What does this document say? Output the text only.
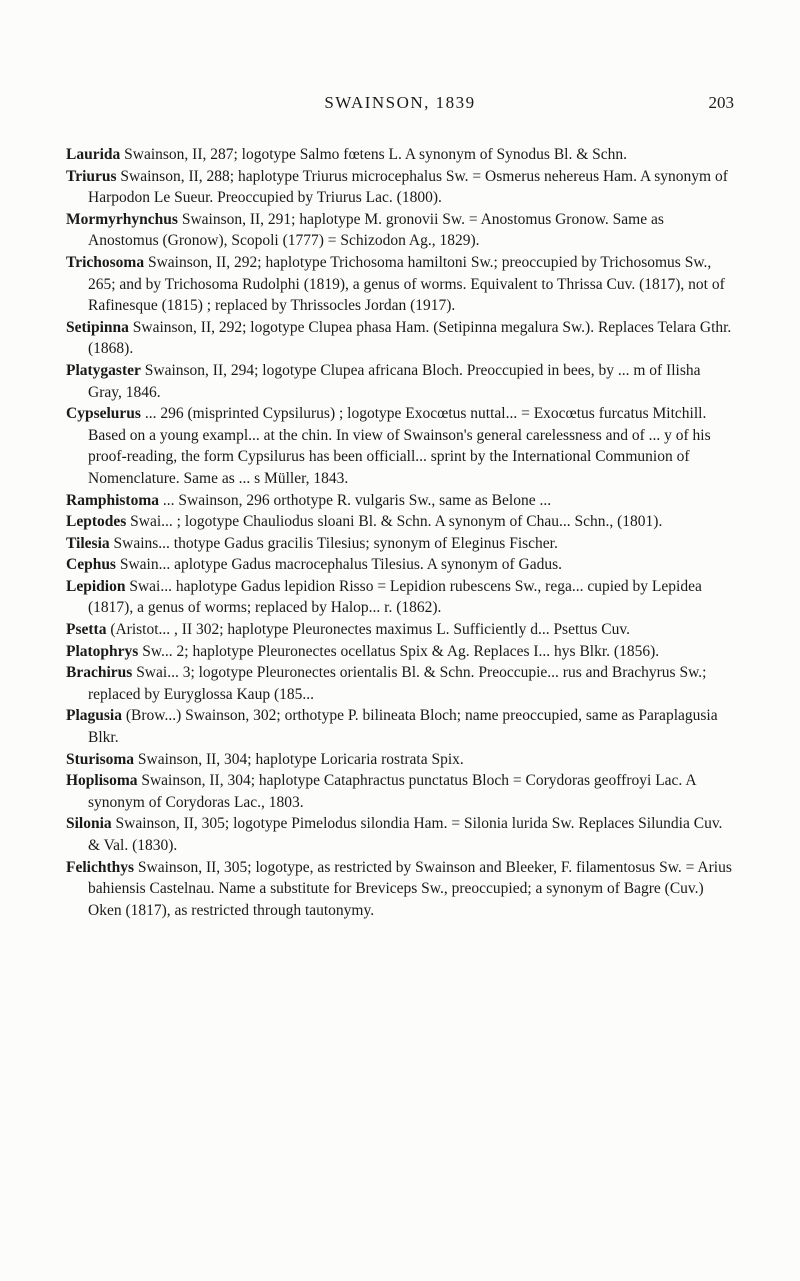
SWAINSON, 1839	203

Laurida Swainson, II, 287; logotype Salmo fœtens L. A synonym of Synodus Bl. & Schn.

Triurus Swainson, II, 288; haplotype Triurus microcephalus Sw. = Osmerus nehereus Ham. A synonym of Harpodon Le Sueur. Preoccupied by Triurus Lac. (1800).

Mormyrhynchus Swainson, II, 291; haplotype M. gronovii Sw. = Anostomus Gronow. Same as Anostomus (Gronow), Scopoli (1777) = Schizodon Ag., 1829).

Trichosoma Swainson, II, 292; haplotype Trichosoma hamiltoni Sw.; preoccupied by Trichosomus Sw., 265; and by Trichosoma Rudolphi (1819), a genus of worms. Equivalent to Thrissa Cuv. (1817), not of Rafinesque (1815) ; replaced by Thrissocles Jordan (1917).

Setipinna Swainson, II, 292; logotype Clupea phasa Ham. (Setipinna megalura Sw.). Replaces Telara Gthr. (1868).

Platygaster Swainson, II, 294; logotype Clupea africana Bloch. Preoccupied in bees, by ... m of Ilisha Gray, 1846.

Cypselurus ... 296 (misprinted Cypsilurus) ; logotype Exocœtus nuttal... = Exocœtus furcatus Mitchill. Based on a young exampl... at the chin. In view of Swainson's general carelessness and of ... y of his proof-reading, the form Cypsilurus has been officiall... sprint by the International Communion of Nomenclature. Same as ... s Müller, 1843.

Ramphistoma ... Swainson, 296 orthotype R. vulgaris Sw., same as Belone ...

Leptodes Swai... ; logotype Chauliodus sloani Bl. & Schn. A synonym of Chau... Schn., (1801).

Tilesia Swains... thotype Gadus gracilis Tilesius; synonym of Eleginus Fischer.

Cephus Swain... aplotype Gadus macrocephalus Tilesius. A synonym of Gadus.

Lepidion Swai... haplotype Gadus lepidion Risso = Lepidion rubescens Sw., rega... cupied by Lepidea (1817), a genus of worms; replaced by Halop... r. (1862).

Psetta (Aristot... , II 302; haplotype Pleuronectes maximus L. Sufficiently d... Psettus Cuv.

Platophrys Sw... 2; haplotype Pleuronectes ocellatus Spix & Ag. Replaces I... hys Blkr. (1856).

Brachirus Swai... 3; logotype Pleuronectes orientalis Bl. & Schn. Preoccupie... rus and Brachyrus Sw.; replaced by Euryglossa Kaup (185...

Plagusia (Brow...) Swainson, 302; orthotype P. bilineata Bloch; name preoccupied, same as Paraplagusia Blkr.

Sturisoma Swainson, II, 304; haplotype Loricaria rostrata Spix.

Hoplisoma Swainson, II, 304; haplotype Cataphractus punctatus Bloch = Corydoras geoffroyi Lac. A synonym of Corydoras Lac., 1803.

Silonia Swainson, II, 305; logotype Pimelodus silondia Ham. = Silonia lurida Sw. Replaces Silundia Cuv. & Val. (1830).

Felichthys Swainson, II, 305; logotype, as restricted by Swainson and Bleeker, F. filamentosus Sw. = Arius bahiensis Castelnau. Name a substitute for Breviceps Sw., preoccupied; a synonym of Bagre (Cuv.) Oken (1817), as restricted through tautonymy.
